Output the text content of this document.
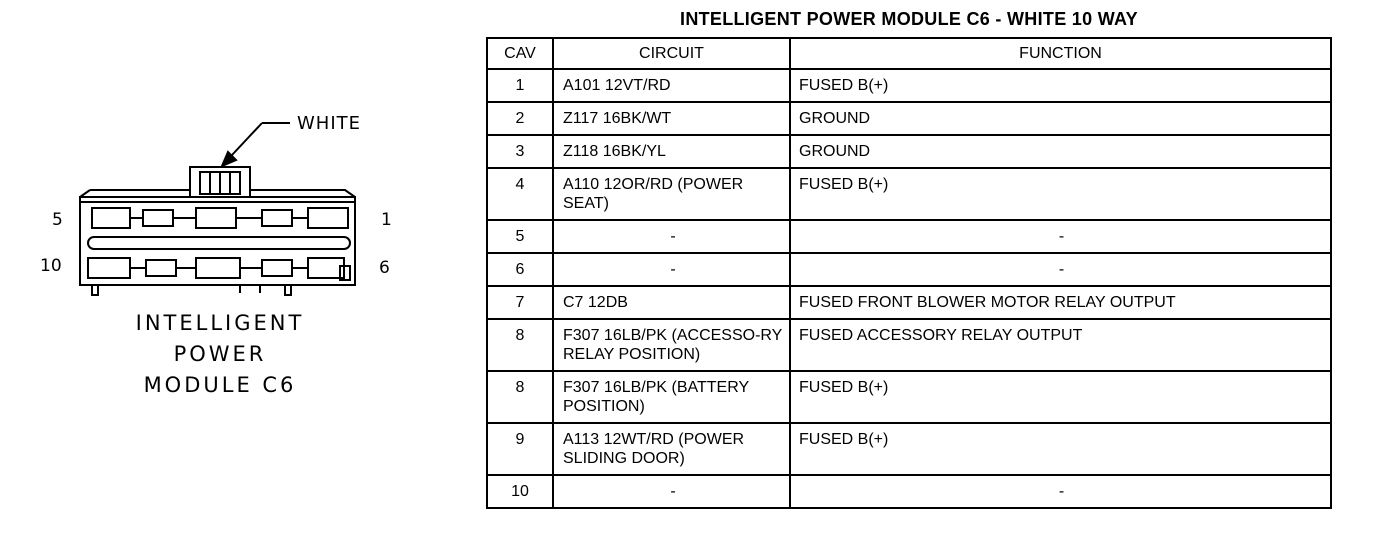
WHITE
5	1
10	6
INTELLIGENT
POWER
MODULE C6
INTELLIGENT POWER MODULE C6 - WHITE 10 WAY
CAV	CIRCUIT	FUNCTION
1	A101 12VT/RD	FUSED B(+)
2	Z117 16BK/WT	GROUND
3	Z118 16BK/YL	GROUND
4	A110 12OR/RD (POWER SEAT)	FUSED B(+)
5	-	-
6	-	-
7	C7 12DB	FUSED FRONT BLOWER MOTOR RELAY OUTPUT
8	F307 16LB/PK (ACCESSO-RY RELAY POSITION)	FUSED ACCESSORY RELAY OUTPUT
8	F307 16LB/PK (BATTERY POSITION)	FUSED B(+)
9	A113 12WT/RD (POWER SLIDING DOOR)	FUSED B(+)
10	-	-
